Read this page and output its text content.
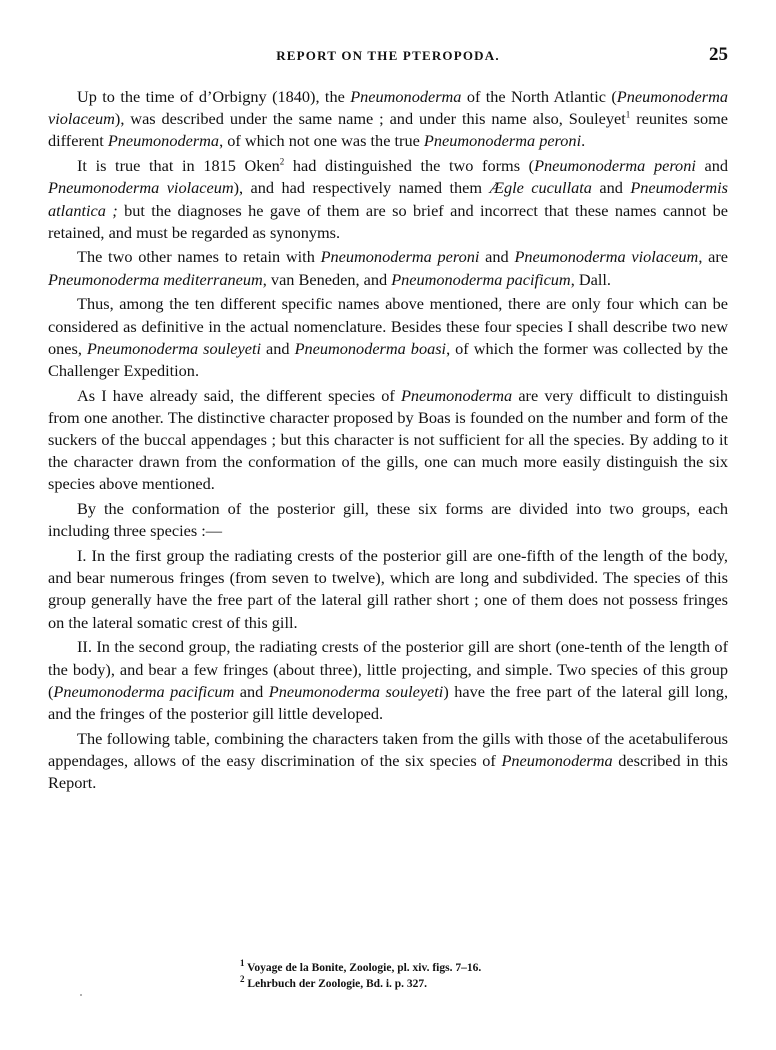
REPORT ON THE PTEROPODA.	25

Up to the time of d’Orbigny (1840), the Pneumonoderma of the North Atlantic (Pneumonoderma violaceum), was described under the same name ; and under this name also, Souleyet$^1$ reunites some different Pneumonoderma, of which not one was the true Pneumonoderma peroni.

It is true that in 1815 Oken$^2$ had distinguished the two forms (Pneumonoderma peroni and Pneumonoderma violaceum), and had respectively named them Ægle cucullata and Pneumodermis atlantica ; but the diagnoses he gave of them are so brief and incorrect that these names cannot be retained, and must be regarded as synonyms.

The two other names to retain with Pneumonoderma peroni and Pneumonoderma violaceum, are Pneumonoderma mediterraneum, van Beneden, and Pneumonoderma pacificum, Dall.

Thus, among the ten different specific names above mentioned, there are only four which can be considered as definitive in the actual nomenclature. Besides these four species I shall describe two new ones, Pneumonoderma souleyeti and Pneumonoderma boasi, of which the former was collected by the Challenger Expedition.

As I have already said, the different species of Pneumonoderma are very difficult to distinguish from one another. The distinctive character proposed by Boas is founded on the number and form of the suckers of the buccal appendages ; but this character is not sufficient for all the species. By adding to it the character drawn from the conformation of the gills, one can much more easily distinguish the six species above mentioned.

By the conformation of the posterior gill, these six forms are divided into two groups, each including three species :—

I. In the first group the radiating crests of the posterior gill are one-fifth of the length of the body, and bear numerous fringes (from seven to twelve), which are long and subdivided. The species of this group generally have the free part of the lateral gill rather short ; one of them does not possess fringes on the lateral somatic crest of this gill.

II. In the second group, the radiating crests of the posterior gill are short (one-tenth of the length of the body), and bear a few fringes (about three), little projecting, and simple. Two species of this group (Pneumonoderma pacificum and Pneumonoderma souleyeti) have the free part of the lateral gill long, and the fringes of the posterior gill little developed.

The following table, combining the characters taken from the gills with those of the acetabuliferous appendages, allows of the easy discrimination of the six species of Pneumonoderma described in this Report.

$^1$ Voyage de la Bonite, Zoologie, pl. xiv. figs. 7–16.
$^2$ Lehrbuch der Zoologie, Bd. i. p. 327.
